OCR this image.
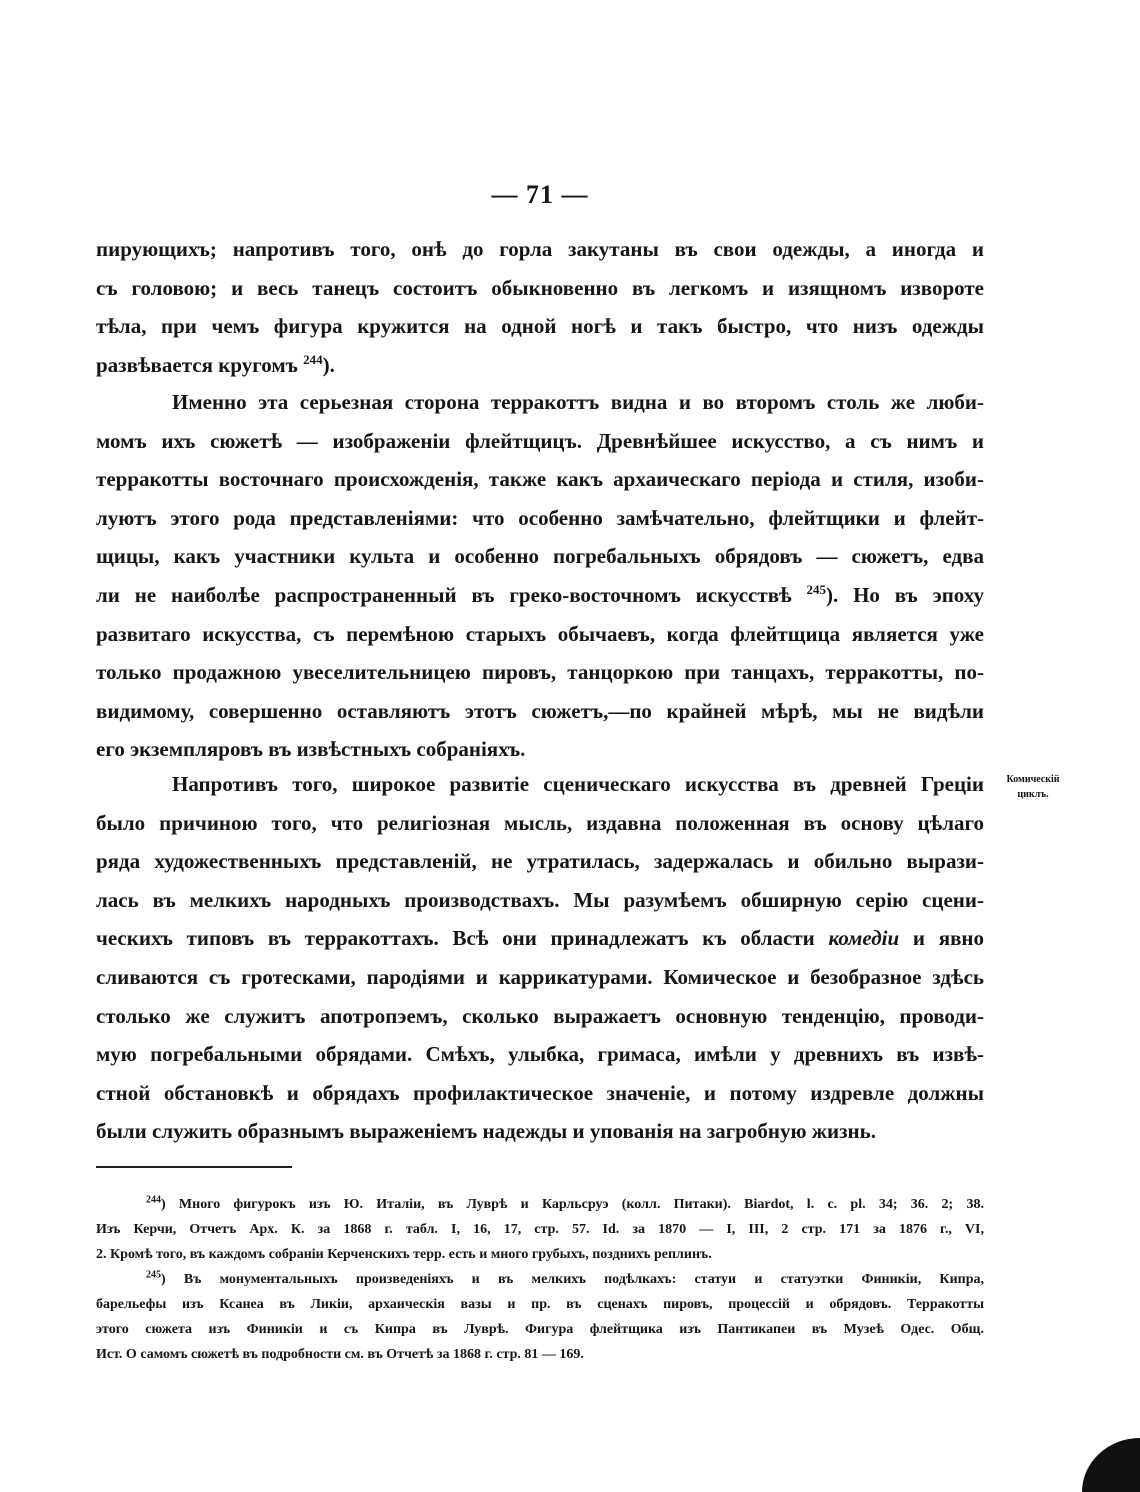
— 71 —
пирующихъ; напротивъ того, онѣ до горла закутаны въ свои одежды, а иногда и
съ головою; и весь танецъ состоитъ обыкновенно въ легкомъ и изящномъ извороте
тѣла, при чемъ фигура кружится на одной ногѣ и такъ быстро, что низъ одежды
развѣвается кругомъ $^{244}$).
Именно эта серьезная сторона терракоттъ видна и во второмъ столь же люби-
момъ ихъ сюжетѣ — изображенiи флейтщицъ. Древнѣйшее искусство, а съ нимъ и
терракотты восточнаго происхожденiя, также какъ архаическаго перiода и стиля, изоби-
луютъ этого рода представленiями: что особенно замѣчательно, флейтщики и флейт-
щицы, какъ участники культа и особенно погребальныхъ обрядовъ — сюжетъ, едва
ли не наиболѣе распространенный въ греко-восточномъ искусствѣ $^{245}$). Но въ эпоху
развитаго искусства, съ перемѣною старыхъ обычаевъ, когда флейтщица является уже
только продажною увеселительницею пировъ, танцоркою при танцахъ, терракотты, по-
видимому, совершенно оставляютъ этотъ сюжетъ,—по крайней мѣрѣ, мы не видѣли
его экземпляровъ въ извѣстныхъ собранiяхъ.
Напротивъ того, широкое развитiе сценическаго искусства въ древней Грецiи
было причиною того, что религiозная мысль, издавна положенная въ основу цѣлаго
ряда художественныхъ представленiй, не утратилась, задержалась и обильно вырази-
лась въ мелкихъ народныхъ производствахъ. Мы разумѣемъ обширную серiю сцени-
ческихъ типовъ въ терракоттахъ. Всѣ они принадлежатъ къ области комедiи и явно
сливаются съ гротесками, пародiями и каррикатурами. Комическое и безобразное здѣсь
столько же служитъ апотропэемъ, сколько выражаетъ основную тенденцiю, проводи-
мую погребальными обрядами. Смѣхъ, улыбка, гримаса, имѣли у древнихъ въ извѣ-
стной обстановкѣ и обрядахъ профилактическое значенiе, и потому издревле должны
были служить образнымъ выраженiемъ надежды и упованiя на загробную жизнь.
Комическiй
циклъ.
$^{244}$) Много фигурокъ изъ Ю. Италiи, въ Луврѣ и Карльсруэ (колл. Питаки). Biardot, l. c. pl. 34; 36. 2; 38.
Изъ Керчи, Отчетъ Арх. К. за 1868 г. табл. I, 16, 17, стр. 57. Id. за 1870 — I, III, 2 стр. 171 за 1876 г., VI,
2. Кромѣ того, въ каждомъ собранiи Керченскихъ терр. есть и много грубыхъ, позднихъ реплинъ.
$^{245}$) Въ монументальныхъ произведенiяхъ и въ мелкихъ подѣлкахъ: статуи и статуэтки Финикiи, Кипра,
барельефы изъ Ксанеа въ Ликiи, архаическiя вазы и пр. въ сценахъ пировъ, процессiй и обрядовъ. Терракотты
этого сюжета изъ Финикiи и съ Кипра въ Луврѣ. Фигура флейтщика изъ Пантикапеи въ Музеѣ Одес. Общ.
Ист. О самомъ сюжетѣ въ подробности см. въ Отчетѣ за 1868 г. стр. 81 — 169.
